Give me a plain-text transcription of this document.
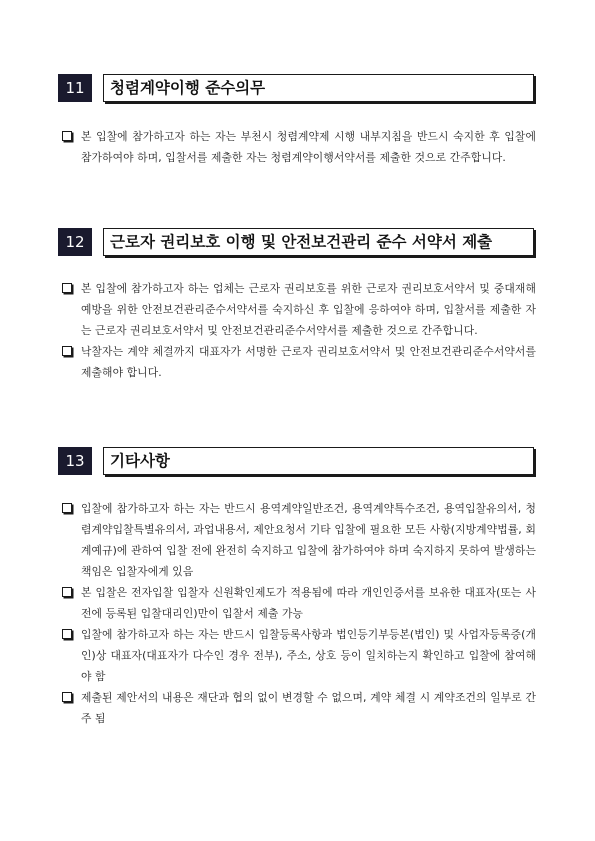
11	청렴계약이행 준수의무
본 입찰에 참가하고자 하는 자는 부천시 청렴계약제 시행 내부지침을 반드시 숙지한 후 입찰에 참가하여야 하며, 입찰서를 제출한 자는 청렴계약이행서약서를 제출한 것으로 간주합니다.
12	근로자 권리보호 이행 및 안전보건관리 준수 서약서 제출
본 입찰에 참가하고자 하는 업체는 근로자 권리보호를 위한 근로자 권리보호서약서 및 중대재해 예방을 위한 안전보건관리준수서약서를 숙지하신 후 입찰에 응하여야 하며, 입찰서를 제출한 자는 근로자 권리보호서약서 및 안전보건관리준수서약서를 제출한 것으로 간주합니다.
낙찰자는 계약 체결까지 대표자가 서명한 근로자 권리보호서약서 및 안전보건관리준수서약서를 제출해야 합니다.
13	기타사항
입찰에 참가하고자 하는 자는 반드시 용역계약일반조건, 용역계약특수조건, 용역입찰유의서, 청렴계약입찰특별유의서, 과업내용서, 제안요청서 기타 입찰에 필요한 모든 사항(지방계약법률, 회계예규)에 관하여 입찰 전에 완전히 숙지하고 입찰에 참가하여야 하며 숙지하지 못하여 발생하는 책임은 입찰자에게 있음
본 입찰은 전자입찰 입찰자 신원확인제도가 적용됨에 따라 개인인증서를 보유한 대표자(또는 사전에 등록된 입찰대리인)만이 입찰서 제출 가능
입찰에 참가하고자 하는 자는 반드시 입찰등록사항과 법인등기부등본(법인) 및 사업자등록증(개인)상 대표자(대표자가 다수인 경우 전부), 주소, 상호 등이 일치하는지 확인하고 입찰에 참여해야 함
제출된 제안서의 내용은 재단과 협의 없이 변경할 수 없으며, 계약 체결 시 계약조건의 일부로 간주 됨
